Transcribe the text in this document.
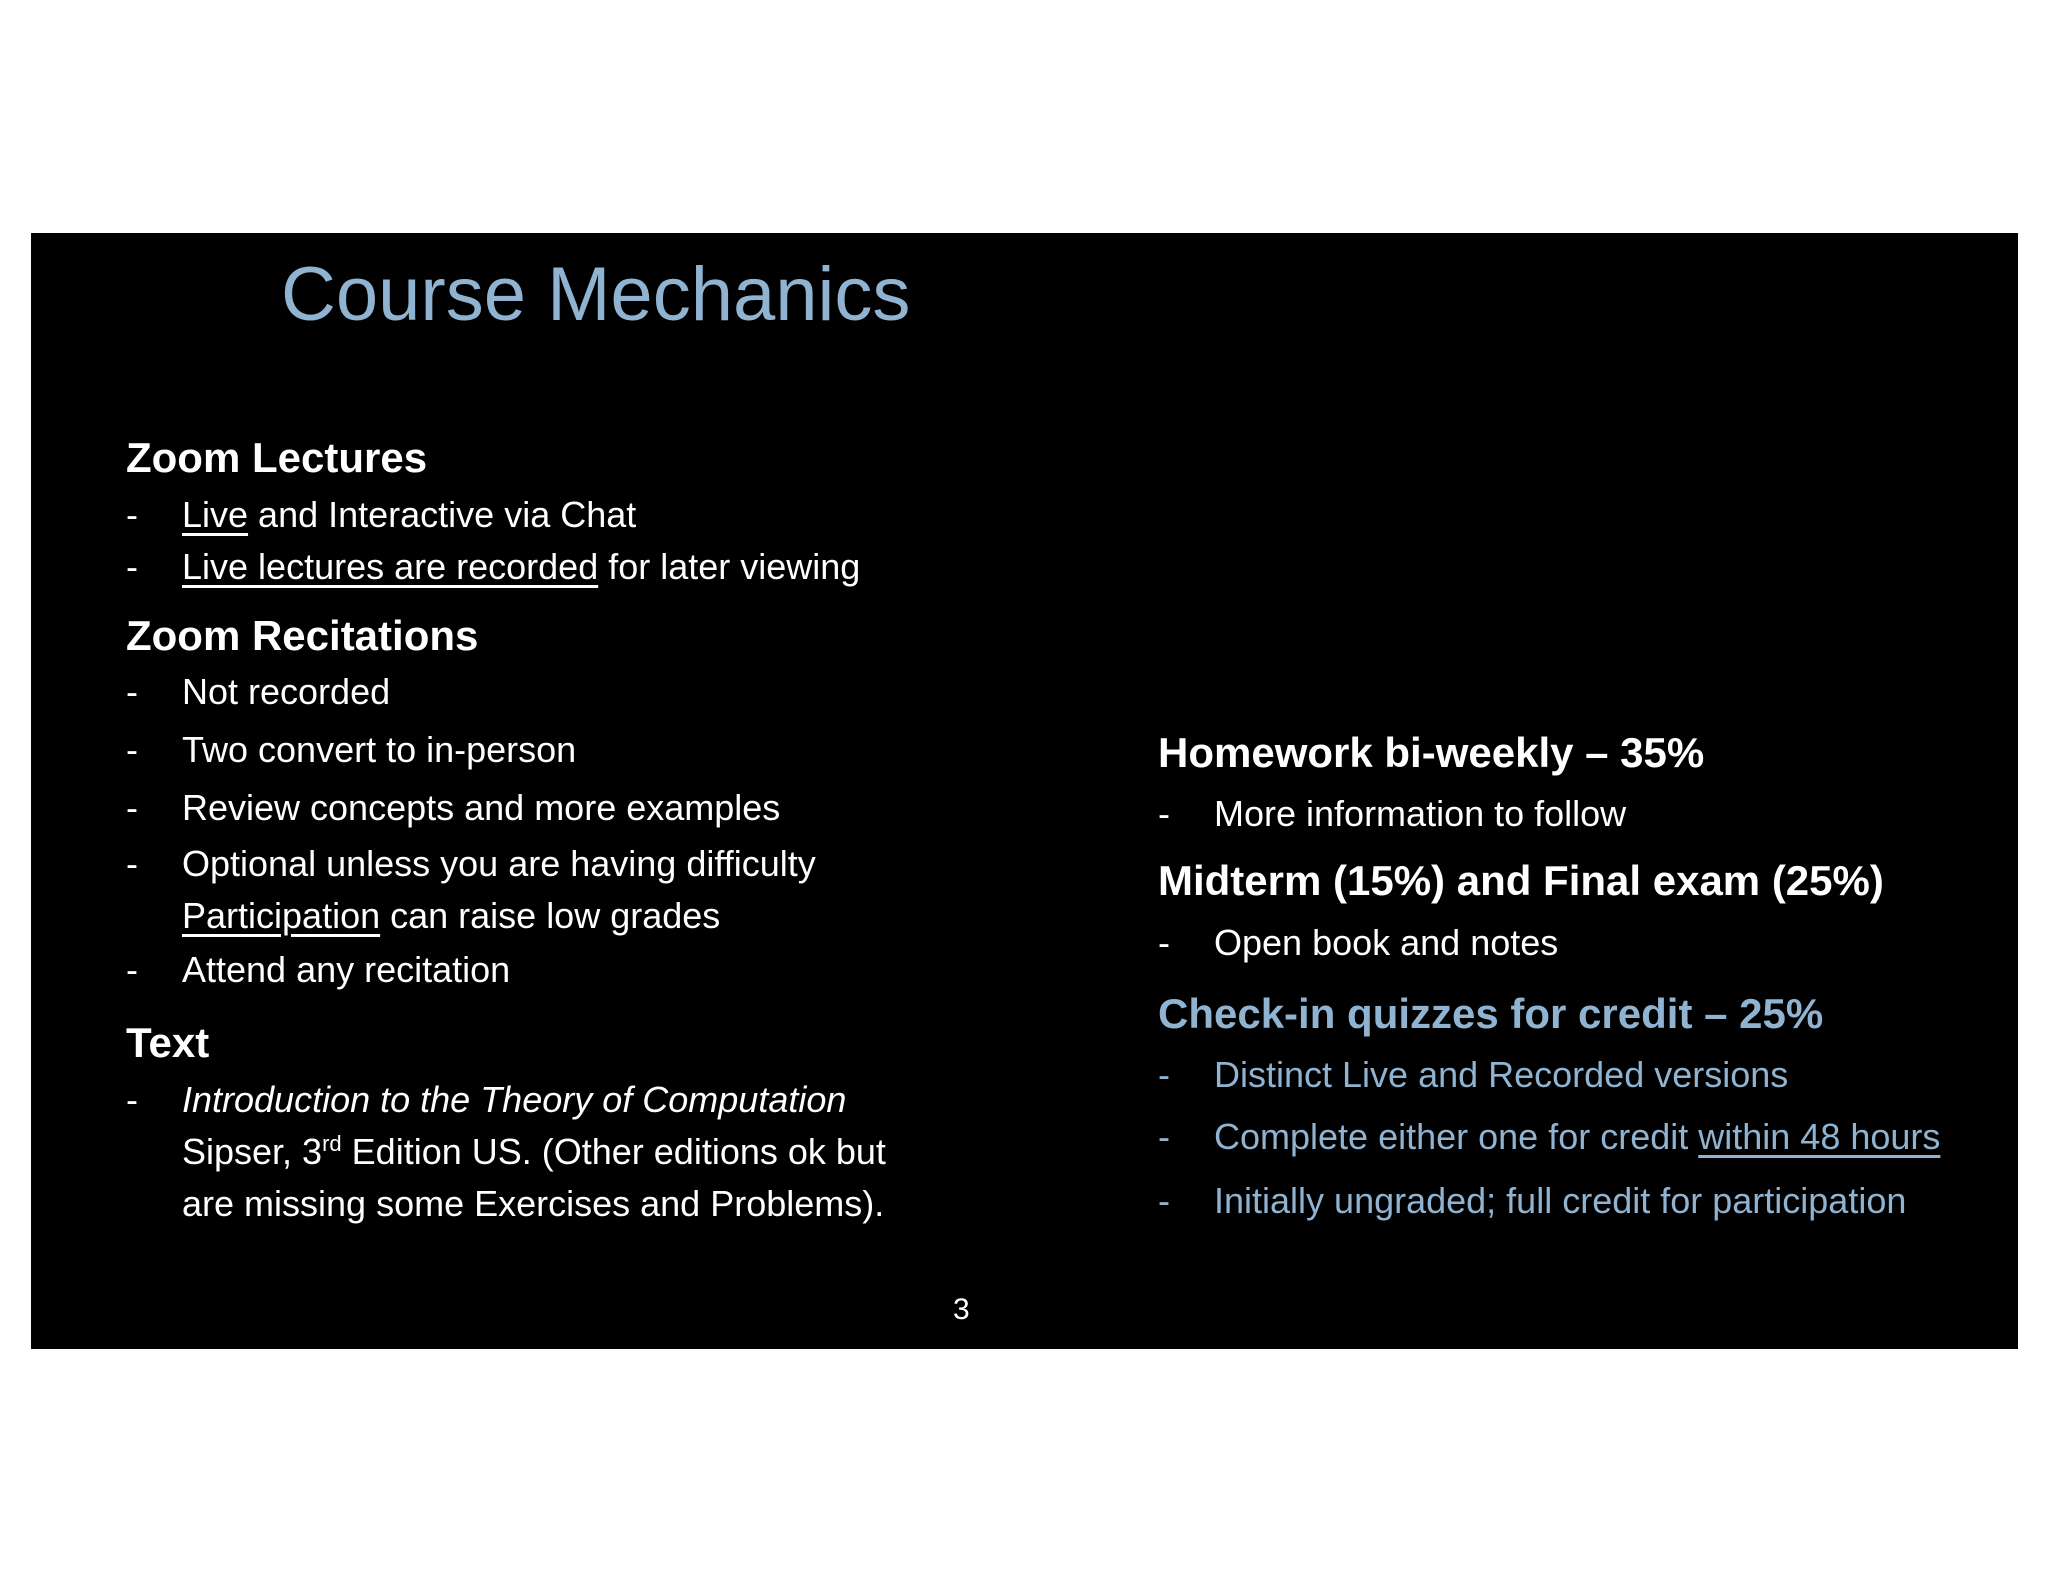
Course Mechanics
Zoom Lectures
- Live and Interactive via Chat
- Live lectures are recorded for later viewing
Zoom Recitations
- Not recorded
- Two convert to in-person
- Review concepts and more examples
- Optional unless you are having difficulty
Participation can raise low grades
- Attend any recitation
Text
- Introduction to the Theory of Computation
Sipser, 3rd Edition US. (Other editions ok but
are missing some Exercises and Problems).
Homework bi-weekly – 35%
- More information to follow
Midterm (15%) and Final exam (25%)
- Open book and notes
Check-in quizzes for credit – 25%
- Distinct Live and Recorded versions
- Complete either one for credit within 48 hours
- Initially ungraded; full credit for participation
3
